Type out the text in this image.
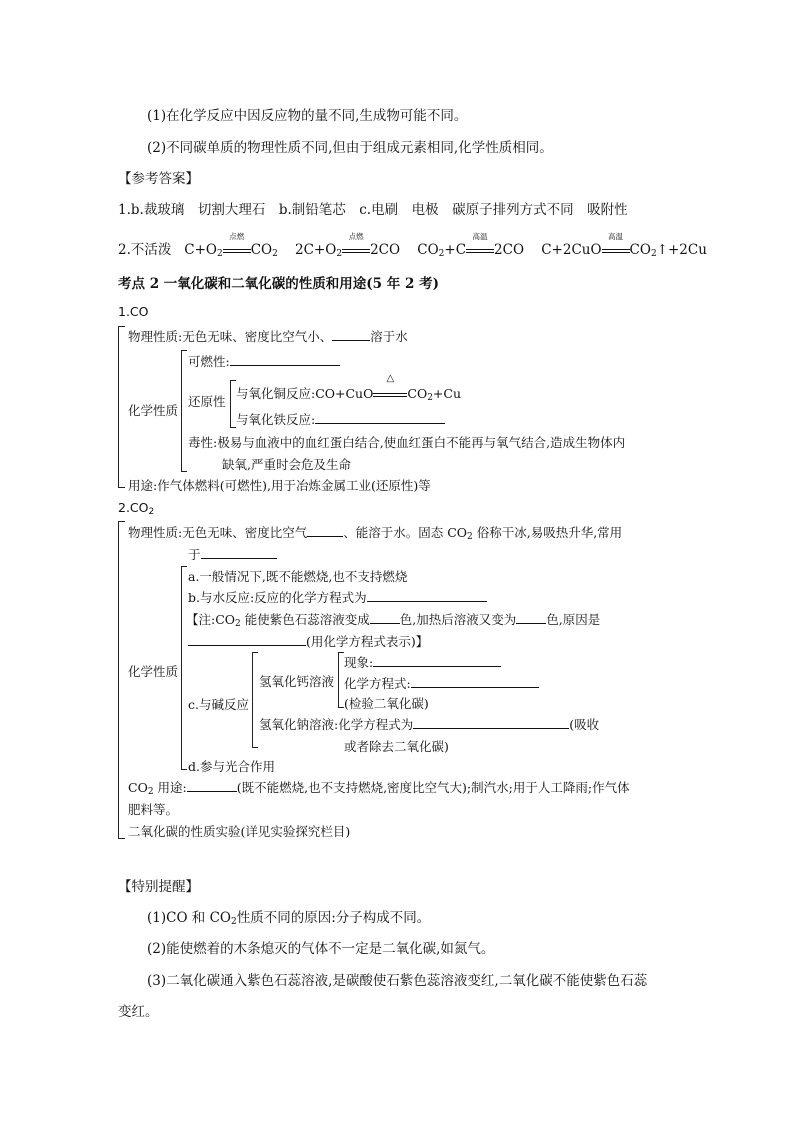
(1)在化学反应中因反应物的量不同,生成物可能不同。
(2)不同碳单质的物理性质不同,但由于组成元素相同,化学性质相同。
【参考答案】
1.b.裁玻璃　切割大理石　b.制铅笔芯　c.电刷　电极　碳原子排列方式不同　吸附性
2.不活泼 $C+O_2$
点燃
$CO_2$ $2C+O_2$
点燃
2CO $CO_2+C$
高温
2CO C+2CuO
高温
$CO_2↑+2Cu$
考点 2 一氧化碳和二氧化碳的性质和用途(5 年 2 考)
1.CO
物理性质:无色无味、密度比空气小、	溶于水
化学性质
可燃性:
还原性
与氧化铜反应:CO+CuO
△
$CO_2+Cu$
与氧化铁反应:
毒性:极易与血液中的血红蛋白结合,使血红蛋白不能再与氧气结合,造成生物体内
缺氧,严重时会危及生命
用途:作气体燃料(可燃性),用于冶炼金属工业(还原性)等
$2.CO_2$
物理性质:无色无味、密度比空气	、能溶于水。固态 $CO_2$ 俗称干冰,易吸热升华,常用
于
化学性质
a.一般情况下,既不能燃烧,也不支持燃烧
b.与水反应:反应的化学方程式为
【注$:CO_2$ 能使紫色石蕊溶液变成 色,加热后溶液又变为 色,原因是
(用化学方程式表示)】
c.与碱反应
氢氧化钙溶液
现象:
化学方程式:
(检验二氧化碳)
氢氧化钠溶液:化学方程式为	(吸收
或者除去二氧化碳)
d.参与光合作用
$CO_2$ 用途:	(既不能燃烧,也不支持燃烧,密度比空气大);制汽水;用于人工降雨;作气体
肥料等。
二氧化碳的性质实验(详见实验探究栏目)
【特别提醒】
(1)CO 和 $CO_2$性质不同的原因:分子构成不同。
(2)能使燃着的木条熄灭的气体不一定是二氧化碳,如氮气。
(3)二氧化碳通入紫色石蕊溶液,是碳酸使石紫色蕊溶液变红,二氧化碳不能使紫色石蕊
变红。
